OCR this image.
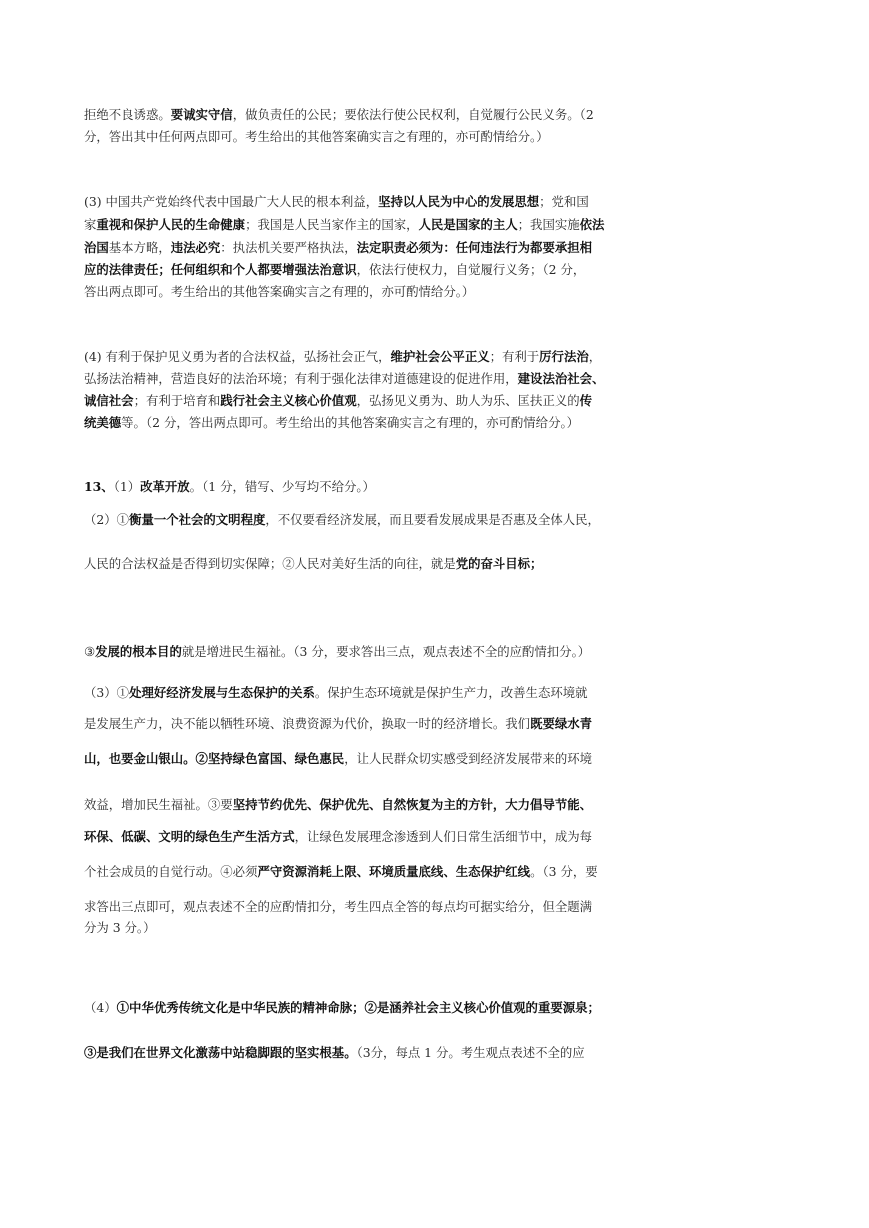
拒绝不良诱惑。要诚实守信，做负责任的公民；要依法行使公民权利，自觉履行公民义务。（2
分，答出其中任何两点即可。考生给出的其他答案确实言之有理的，亦可酌情给分。）
(3) 中国共产党始终代表中国最广大人民的根本利益，坚持以人民为中心的发展思想；党和国
家重视和保护人民的生命健康；我国是人民当家作主的国家，人民是国家的主人；我国实施依法
治国基本方略，违法必究：执法机关要严格执法，法定职责必须为：任何违法行为都要承担相
应的法律责任；任何组织和个人都要增强法治意识，依法行使权力，自觉履行义务；（2 分，
答出两点即可。考生给出的其他答案确实言之有理的，亦可酌情给分。）
(4) 有利于保护见义勇为者的合法权益，弘扬社会正气，维护社会公平正义；有利于厉行法治，
弘扬法治精神，营造良好的法治环境；有利于强化法律对道德建设的促进作用，建设法治社会、
诚信社会；有利于培育和践行社会主义核心价值观，弘扬见义勇为、助人为乐、匡扶正义的传
统美德等。（2 分，答出两点即可。考生给出的其他答案确实言之有理的，亦可酌情给分。）
13、（1）改革开放。（1 分，错写、少写均不给分。）
（2）①衡量一个社会的文明程度，不仅要看经济发展，而且要看发展成果是否惠及全体人民，
人民的合法权益是否得到切实保障；②人民对美好生活的向往，就是党的奋斗目标；
③发展的根本目的就是增进民生福祉。（3 分，要求答出三点，观点表述不全的应酌情扣分。）
（3）①处理好经济发展与生态保护的关系。保护生态环境就是保护生产力，改善生态环境就
是发展生产力，决不能以牺牲环境、浪费资源为代价，换取一时的经济增长。我们既要绿水青
山，也要金山银山。②坚持绿色富国、绿色惠民，让人民群众切实感受到经济发展带来的环境
效益，增加民生福祉。③要坚持节约优先、保护优先、自然恢复为主的方针，大力倡导节能、
环保、低碳、文明的绿色生产生活方式，让绿色发展理念渗透到人们日常生活细节中，成为每
个社会成员的自觉行动。④必须严守资源消耗上限、环境质量底线、生态保护红线。（3 分，要
求答出三点即可，观点表述不全的应酌情扣分，考生四点全答的每点均可据实给分，但全题满
分为 3 分。）
（4）①中华优秀传统文化是中华民族的精神命脉；②是涵养社会主义核心价值观的重要源泉；
③是我们在世界文化激荡中站稳脚跟的坚实根基。（3分，每点 1 分。考生观点表述不全的应
